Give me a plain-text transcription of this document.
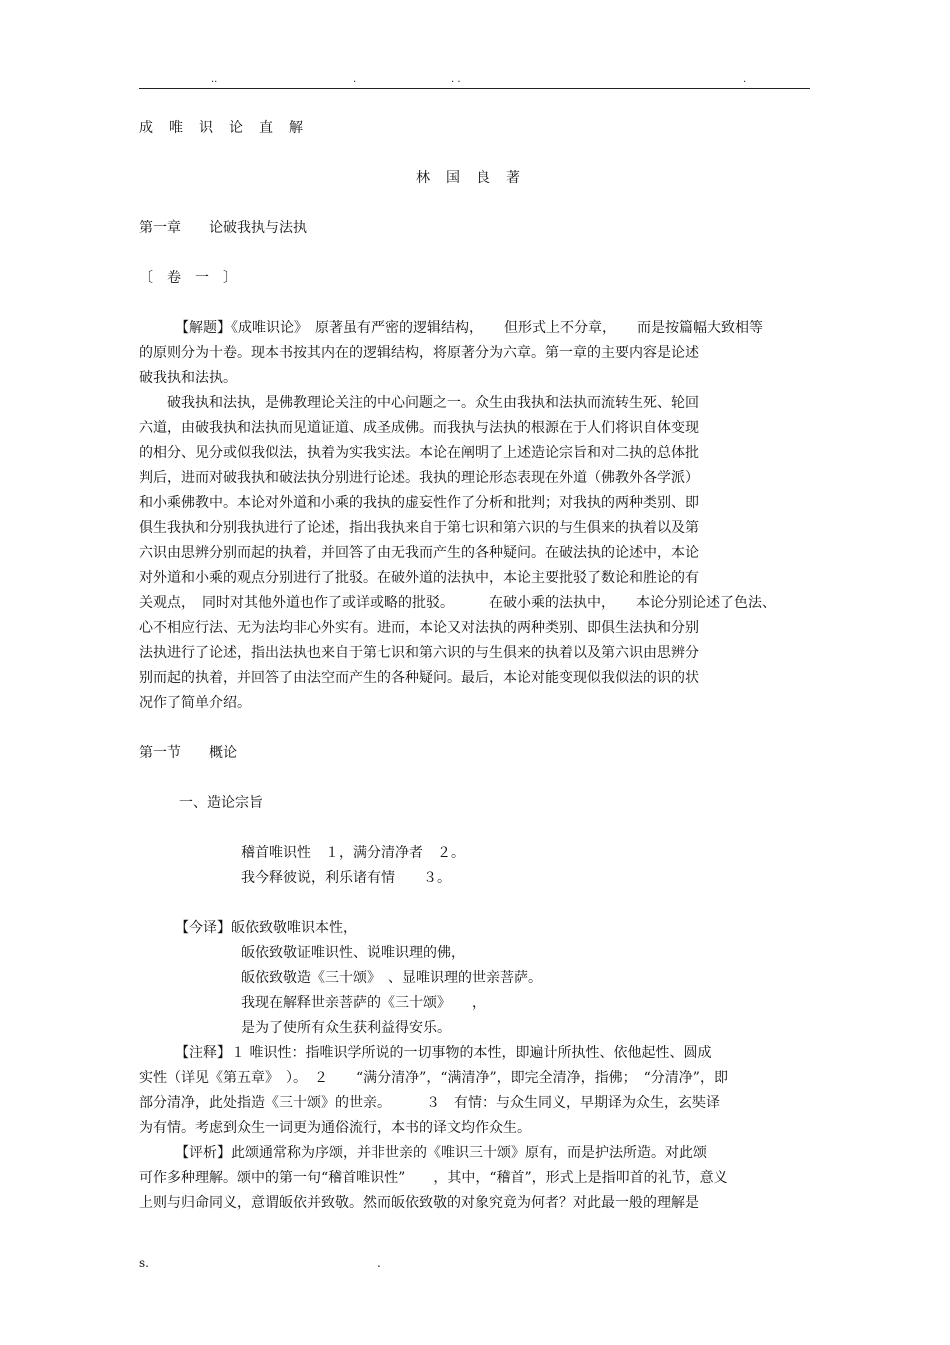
..	.	. .	.
成唯识论直解
林国良著
第一章　　论破我执与法执
〔　卷　一　〕
【解题】《成唯识论》　原著虽有严密的逻辑结构，　　但形式上不分章，　　而是按篇幅大致相等
的原则分为十卷。现本书按其内在的逻辑结构，将原著分为六章。第一章的主要内容是论述
破我执和法执。
　　破我执和法执，是佛教理论关注的中心问题之一。众生由我执和法执而流转生死、轮回
六道，由破我执和法执而见道证道、成圣成佛。而我执与法执的根源在于人们将识自体变现
的相分、见分或似我似法，执着为实我实法。本论在阐明了上述造论宗旨和对二执的总体批
判后，进而对破我执和破法执分别进行论述。我执的理论形态表现在外道（佛教外各学派）
和小乘佛教中。本论对外道和小乘的我执的虚妄性作了分析和批判；对我执的两种类别、即
俱生我执和分别我执进行了论述，指出我执来自于第七识和第六识的与生俱来的执着以及第
六识由思辨分别而起的执着，并回答了由无我而产生的各种疑问。在破法执的论述中，本论
对外道和小乘的观点分别进行了批驳。在破外道的法执中，本论主要批驳了数论和胜论的有
关观点，　同时对其他外道也作了或详或略的批驳。　　　在破小乘的法执中，　　本论分别论述了色法、
心不相应行法、无为法均非心外实有。进而，本论又对法执的两种类别、即俱生法执和分别
法执进行了论述，指出法执也来自于第七识和第六识的与生俱来的执着以及第六识由思辨分
别而起的执着，并回答了由法空而产生的各种疑问。最后，本论对能变现似我似法的识的状
况作了简单介绍。
第一节　　概论
一、造论宗旨
稽首唯识性　１，满分清净者　２。
我今释彼说，利乐诸有情　　３。
【今译】皈依致敬唯识本性，
皈依致敬证唯识性、说唯识理的佛，
皈依致敬造《三十颂》　、显唯识理的世亲菩萨。
我现在解释世亲菩萨的《三十颂》　　，
是为了使所有众生获利益得安乐。
【注释】１ 唯识性：指唯识学所说的一切事物的本性，即遍计所执性、依他起性、圆成
实性（详见《第五章》　）。　２　　“满分清净”，“满清净”，即完全清净，指佛；　“分清净”，即
部分清净，此处指造《三十颂》的世亲。　　　３　有情：与众生同义，早期译为众生，玄奘译
为有情。考虑到众生一词更为通俗流行，本书的译文均作众生。
【评析】此颂通常称为序颂，并非世亲的《唯识三十颂》原有，而是护法所造。对此颂
可作多种理解。颂中的第一句“稽首唯识性”　　，其中，“稽首”，形式上是指叩首的礼节，意义
上则与归命同义，意谓皈依并致敬。然而皈依致敬的对象究竟为何者？对此最一般的理解是
s.	.
